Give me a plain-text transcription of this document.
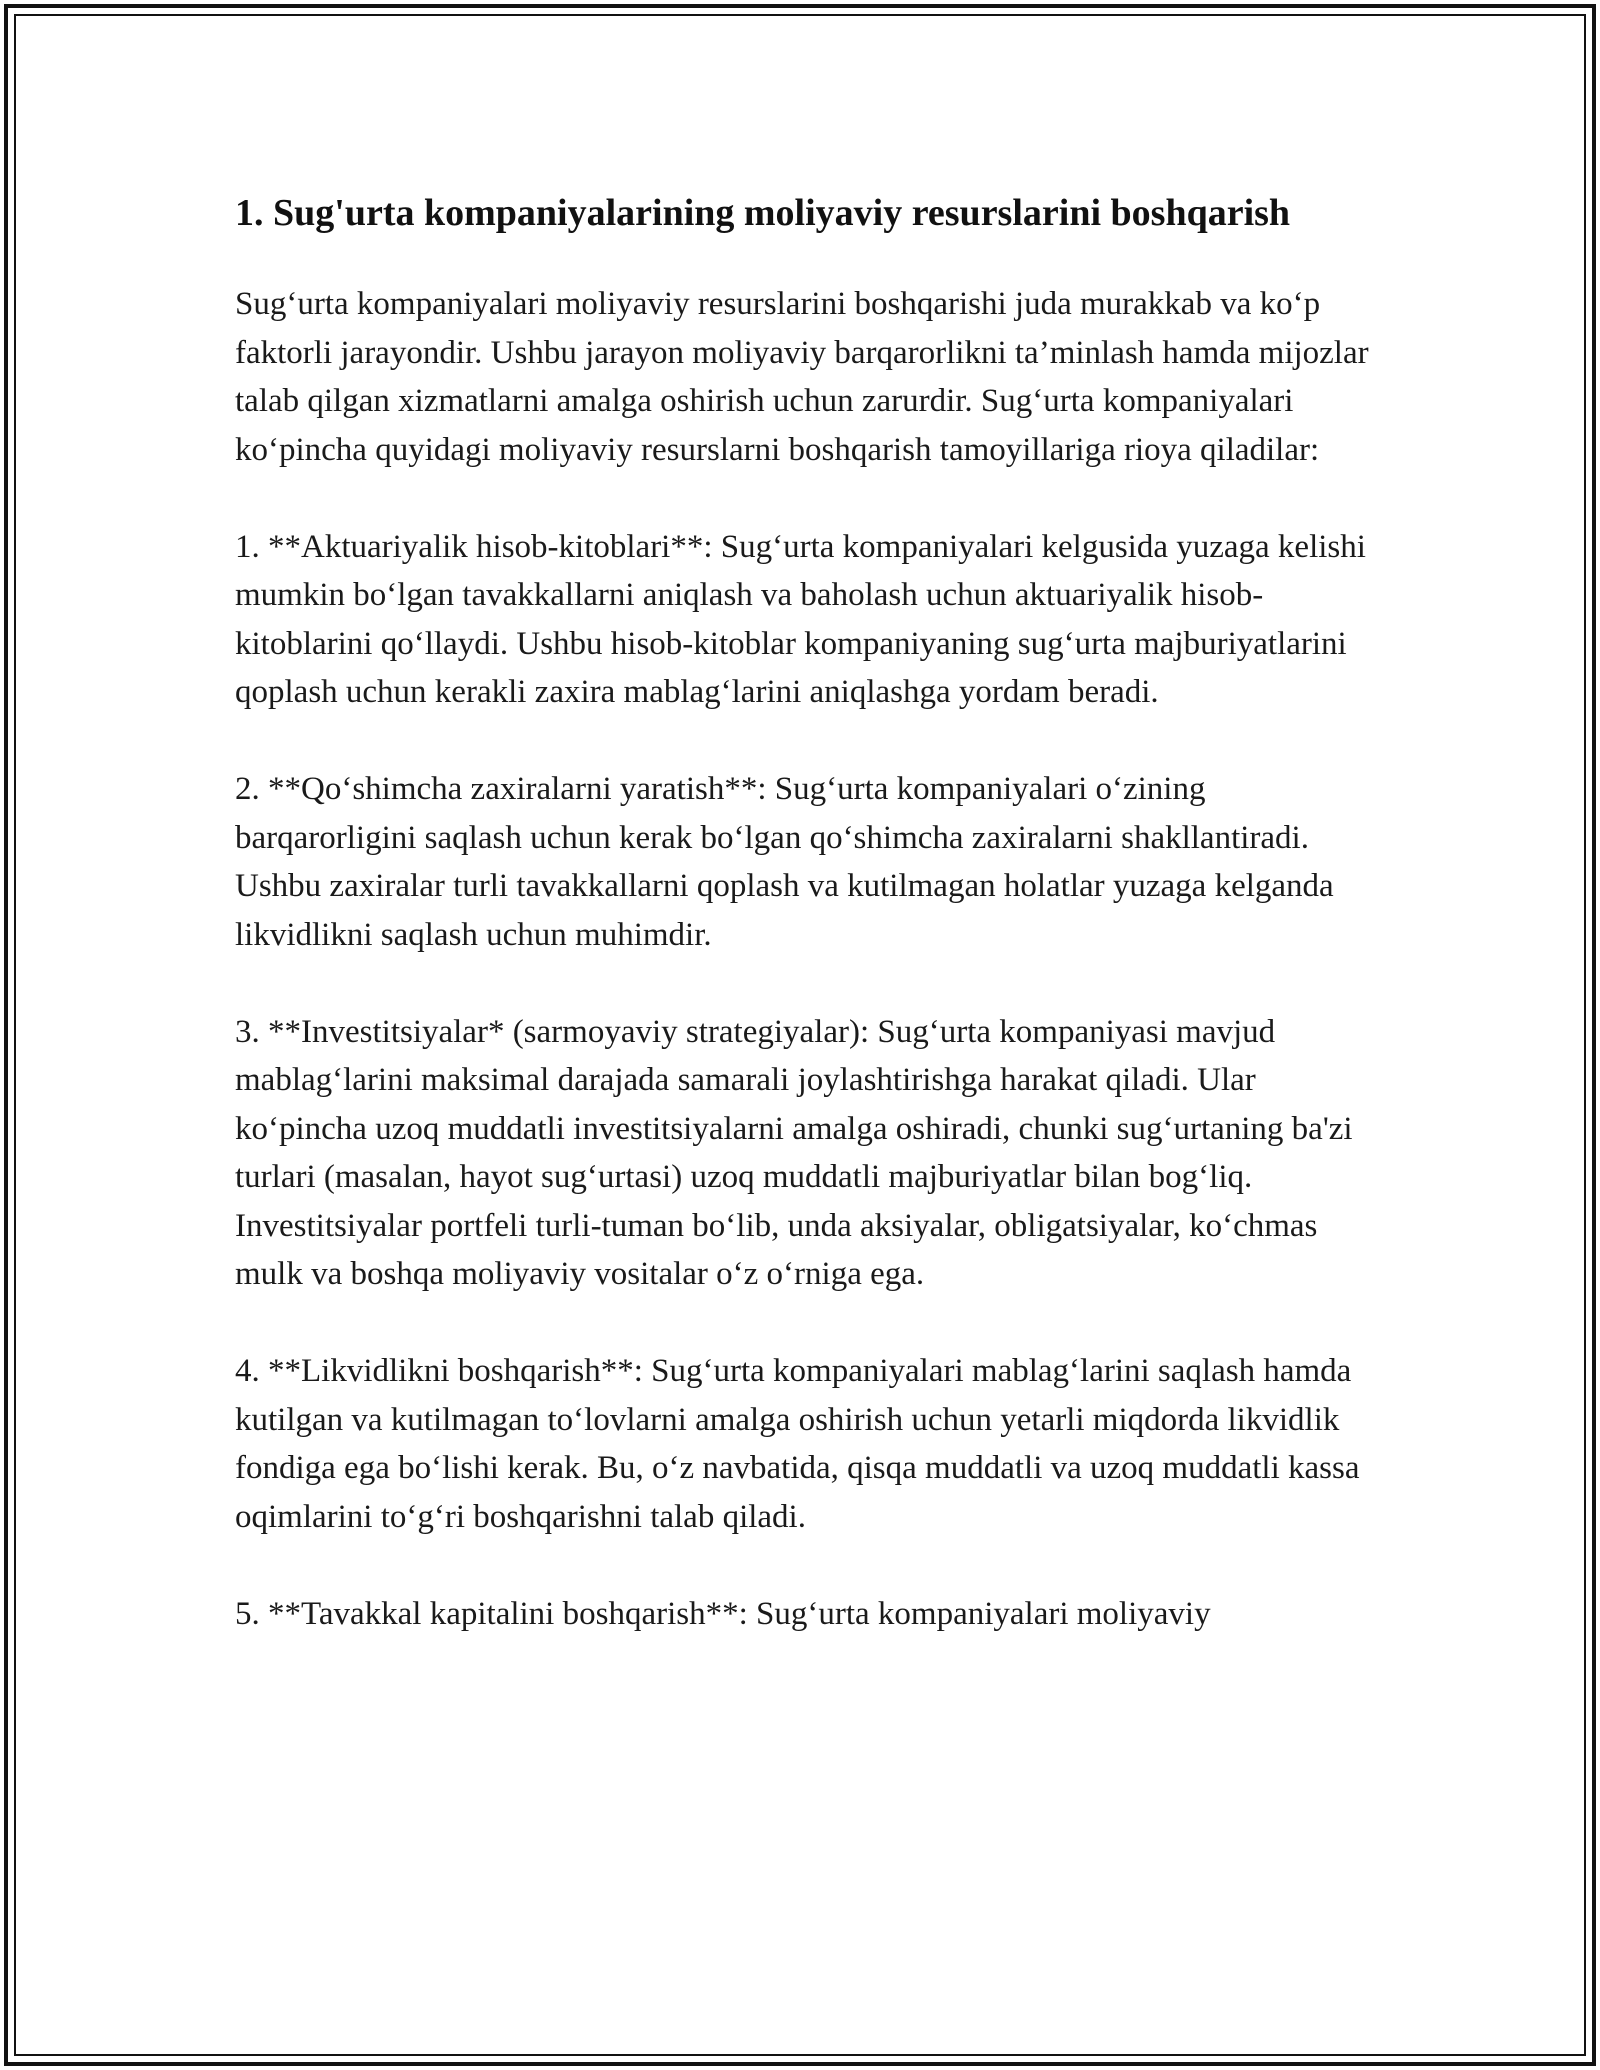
1. Sug'urta kompaniyalarining moliyaviy resurslarini boshqarish

Sug‘urta kompaniyalari moliyaviy resurslarini boshqarishi juda murakkab va ko‘p faktorli jarayondir. Ushbu jarayon moliyaviy barqarorlikni ta’minlash hamda mijozlar talab qilgan xizmatlarni amalga oshirish uchun zarurdir. Sug‘urta kompaniyalari ko‘pincha quyidagi moliyaviy resurslarni boshqarish tamoyillariga rioya qiladilar:

1. **Aktuariyalik hisob-kitoblari**: Sug‘urta kompaniyalari kelgusida yuzaga kelishi mumkin bo‘lgan tavakkallarni aniqlash va baholash uchun aktuariyalik hisob-kitoblarini qo‘llaydi. Ushbu hisob-kitoblar kompaniyaning sug‘urta majburiyatlarini qoplash uchun kerakli zaxira mablag‘larini aniqlashga yordam beradi.

2. **Qo‘shimcha zaxiralarni yaratish**: Sug‘urta kompaniyalari o‘zining barqarorligini saqlash uchun kerak bo‘lgan qo‘shimcha zaxiralarni shakllantiradi. Ushbu zaxiralar turli tavakkallarni qoplash va kutilmagan holatlar yuzaga kelganda likvidlikni saqlash uchun muhimdir.

3. **Investitsiyalar* (sarmoyaviy strategiyalar): Sug‘urta kompaniyasi mavjud mablag‘larini maksimal darajada samarali joylashtirishga harakat qiladi. Ular ko‘pincha uzoq muddatli investitsiyalarni amalga oshiradi, chunki sug‘urtaning ba'zi turlari (masalan, hayot sug‘urtasi) uzoq muddatli majburiyatlar bilan bog‘liq. Investitsiyalar portfeli turli-tuman bo‘lib, unda aksiyalar, obligatsiyalar, ko‘chmas mulk va boshqa moliyaviy vositalar o‘z o‘rniga ega.

4. **Likvidlikni boshqarish**: Sug‘urta kompaniyalari mablag‘larini saqlash hamda kutilgan va kutilmagan to‘lovlarni amalga oshirish uchun yetarli miqdorda likvidlik fondiga ega bo‘lishi kerak. Bu, o‘z navbatida, qisqa muddatli va uzoq muddatli kassa oqimlarini to‘g‘ri boshqarishni talab qiladi.

5. **Tavakkal kapitalini boshqarish**: Sug‘urta kompaniyalari moliyaviy
